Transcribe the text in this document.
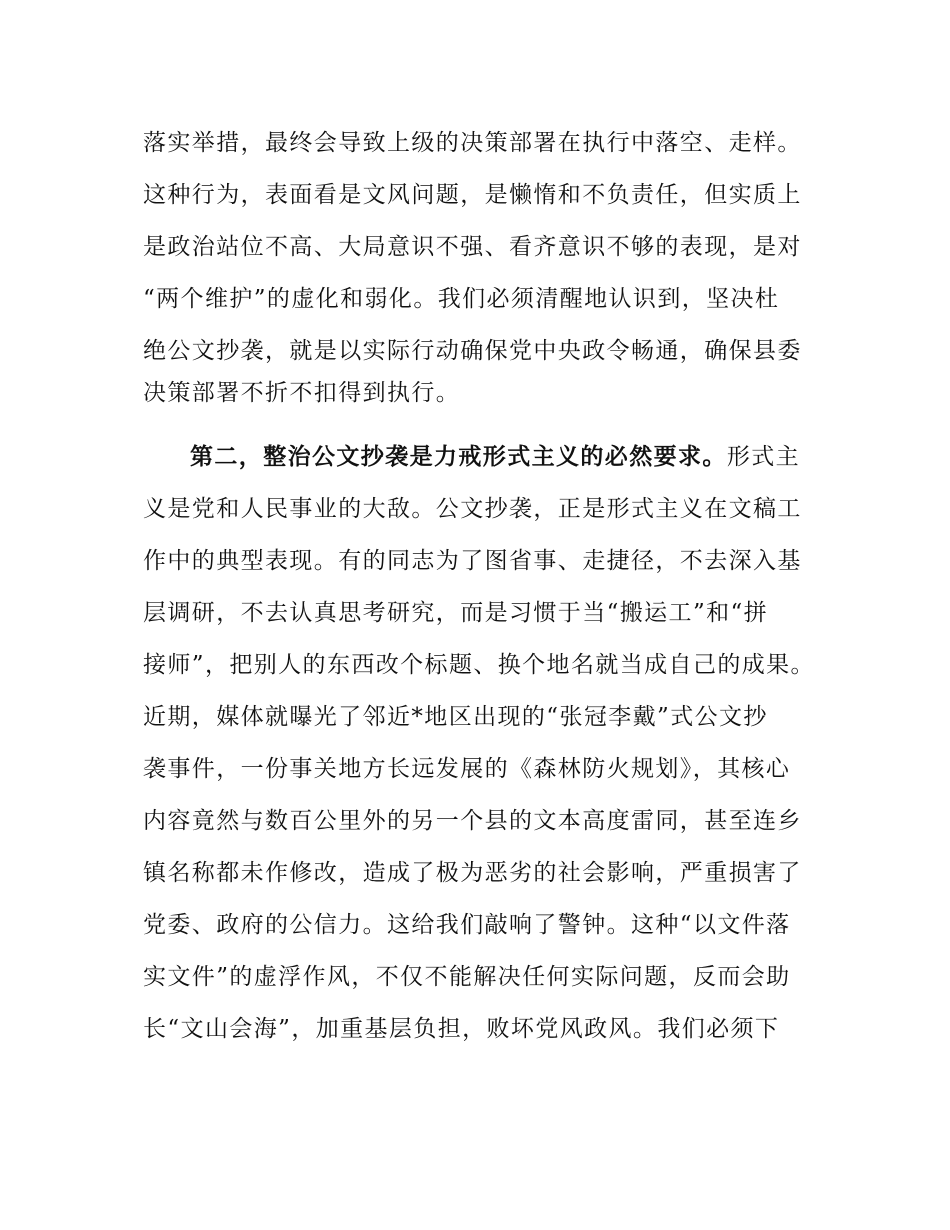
落实举措，最终会导致上级的决策部署在执行中落空、走样。
这种行为，表面看是文风问题，是懒惰和不负责任，但实质上
是政治站位不高、大局意识不强、看齐意识不够的表现，是对
“两个维护”的虚化和弱化。我们必须清醒地认识到，坚决杜
绝公文抄袭，就是以实际行动确保党中央政令畅通，确保县委
决策部署不折不扣得到执行。
第二，整治公文抄袭是力戒形式主义的必然要求。形式主
义是党和人民事业的大敌。公文抄袭，正是形式主义在文稿工
作中的典型表现。有的同志为了图省事、走捷径，不去深入基
层调研，不去认真思考研究，而是习惯于当“搬运工”和“拼
接师”，把别人的东西改个标题、换个地名就当成自己的成果。
近期，媒体就曝光了邻近*地区出现的“张冠李戴”式公文抄
袭事件，一份事关地方长远发展的《森林防火规划》，其核心
内容竟然与数百公里外的另一个县的文本高度雷同，甚至连乡
镇名称都未作修改，造成了极为恶劣的社会影响，严重损害了
党委、政府的公信力。这给我们敲响了警钟。这种“以文件落
实文件”的虚浮作风，不仅不能解决任何实际问题，反而会助
长“文山会海”，加重基层负担，败坏党风政风。我们必须下
